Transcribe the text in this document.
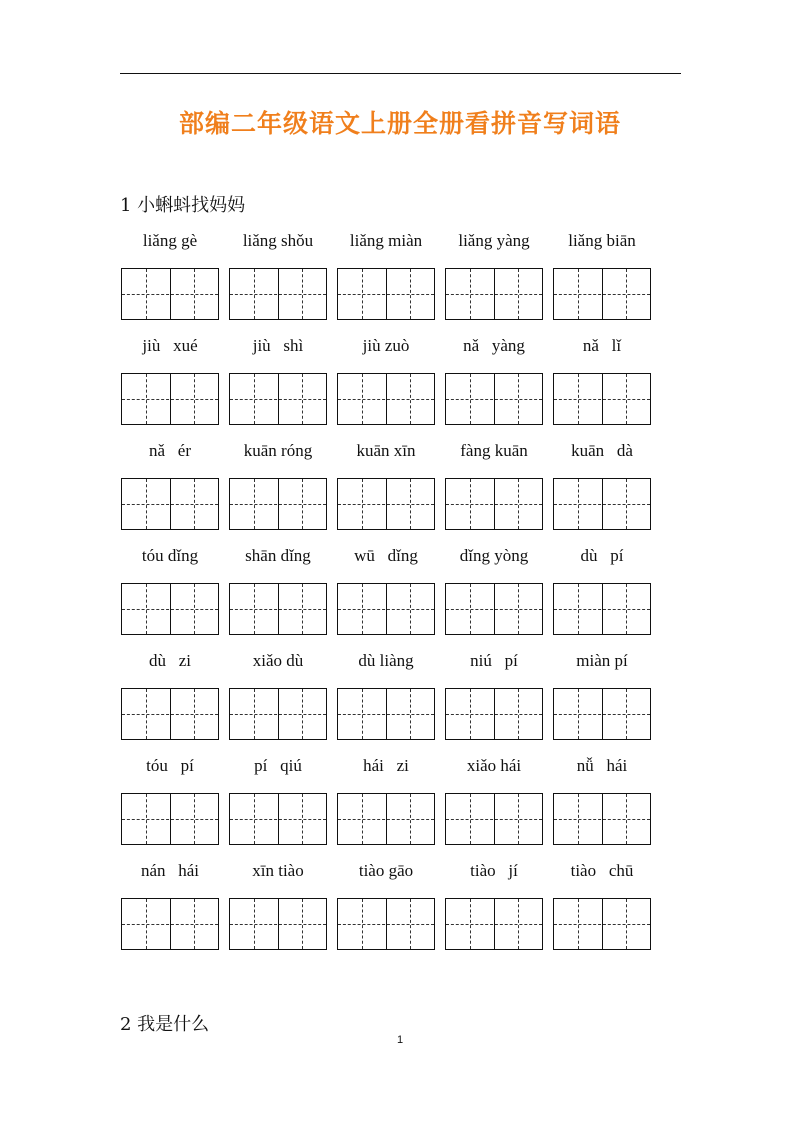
部编二年级语文上册全册看拼音写词语
1 小蝌蚪找妈妈
liǎng gè	liǎng shǒu	liǎng miàn	liǎng yàng	liǎng biān
jiù   xué	jiù   shì	jiù zuò	nǎ   yàng	nǎ   lǐ
nǎ   ér	kuān róng	kuān xīn	fàng kuān	kuān   dà
tóu dǐng	shān dǐng	wū   dǐng	dǐng yòng	dù   pí
dù   zi	xiǎo dù	dù liàng	niú   pí	miàn pí
tóu   pí	pí   qiú	hái   zi	xiǎo hái	nǚ   hái
nán   hái	xīn tiào	tiào gāo	tiào   jí	tiào   chū
2 我是什么
1
